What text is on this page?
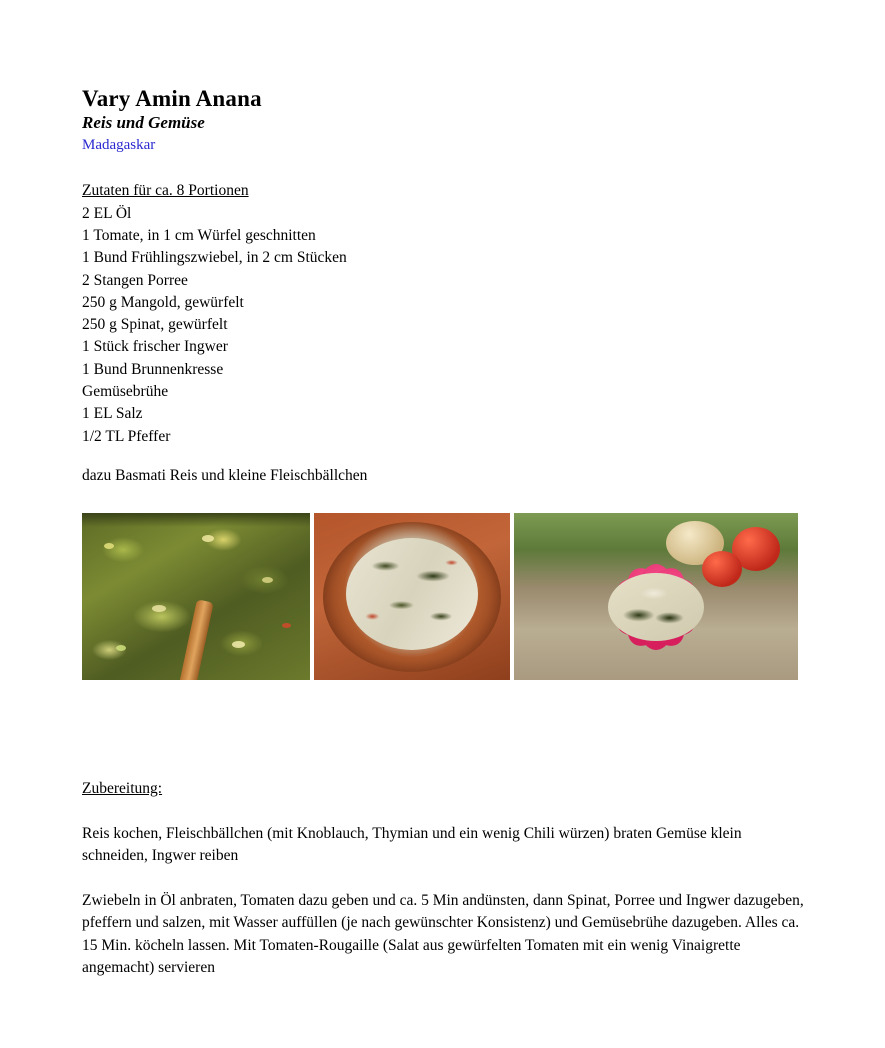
Vary Amin Anana
Reis und Gemüse
Madagaskar
Zutaten für ca. 8 Portionen
2 EL Öl
1 Tomate, in 1 cm Würfel geschnitten
1 Bund Frühlingszwiebel, in 2 cm Stücken
2 Stangen Porree
250 g Mangold, gewürfelt
250 g Spinat, gewürfelt
1 Stück frischer Ingwer
1 Bund Brunnenkresse
Gemüsebrühe
1 EL Salz
1/2 TL Pfeffer
dazu Basmati Reis und kleine Fleischbällchen
Zubereitung:

Reis kochen, Fleischbällchen (mit Knoblauch, Thymian und ein wenig Chili würzen) braten Gemüse klein schneiden, Ingwer reiben

Zwiebeln in Öl anbraten, Tomaten dazu geben und ca. 5 Min andünsten, dann Spinat, Porree und Ingwer dazugeben, pfeffern und salzen, mit Wasser auffüllen (je nach gewünschter Konsistenz) und Gemüsebrühe dazugeben. Alles ca. 15 Min. köcheln lassen. Mit Tomaten-Rougaille (Salat aus gewürfelten Tomaten mit ein wenig Vinaigrette angemacht) servieren
